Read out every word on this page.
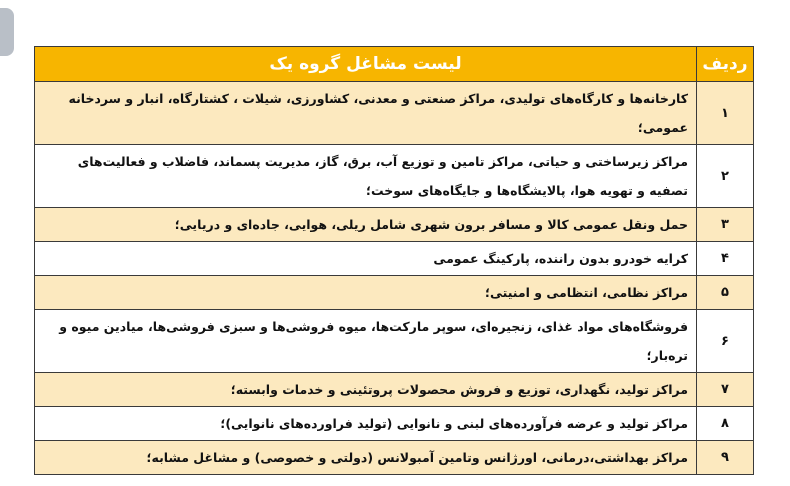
ردیف	لیست مشاغل گروه یک
۱	کارخانه‌ها و کارگاه‌های تولیدی، مراکز صنعتی و معدنی، کشاورزی، شیلات ، کشتارگاه، انبار و سردخانه عمومی؛
۲	مراکز زیرساختی و حیاتی، مراکز تامین و توزیع آب، برق، گاز، مدیریت پسماند، فاضلاب و فعالیت‌های تصفیه و تهویه هوا، پالایشگاه‌ها و جایگاه‌های سوخت؛
۳	حمل ونقل عمومی کالا و مسافر برون شهری شامل ریلی، هوایی، جاده‌ای و دریایی؛
۴	کرایه خودرو بدون راننده، پارکینگ عمومی
۵	مراکز نظامی، انتظامی و امنیتی؛
۶	فروشگاه‌های مواد غذای، زنجیره‌ای، سوپر مارکت‌ها، میوه فروشی‌ها و سبزی فروشی‌ها، میادین میوه و تره‌بار؛
۷	مراکز تولید، نگهداری، توزیع و فروش محصولات پروتئینی و خدمات وابسته؛
۸	مراکز تولید و عرضه فرآورده‌های لبنی و نانوایی (تولید فراورده‌های نانوایی)؛
۹	مراکز بهداشتی،درمانی، اورژانس وتامین آمبولانس (دولتی و خصوصی) و مشاغل مشابه؛
